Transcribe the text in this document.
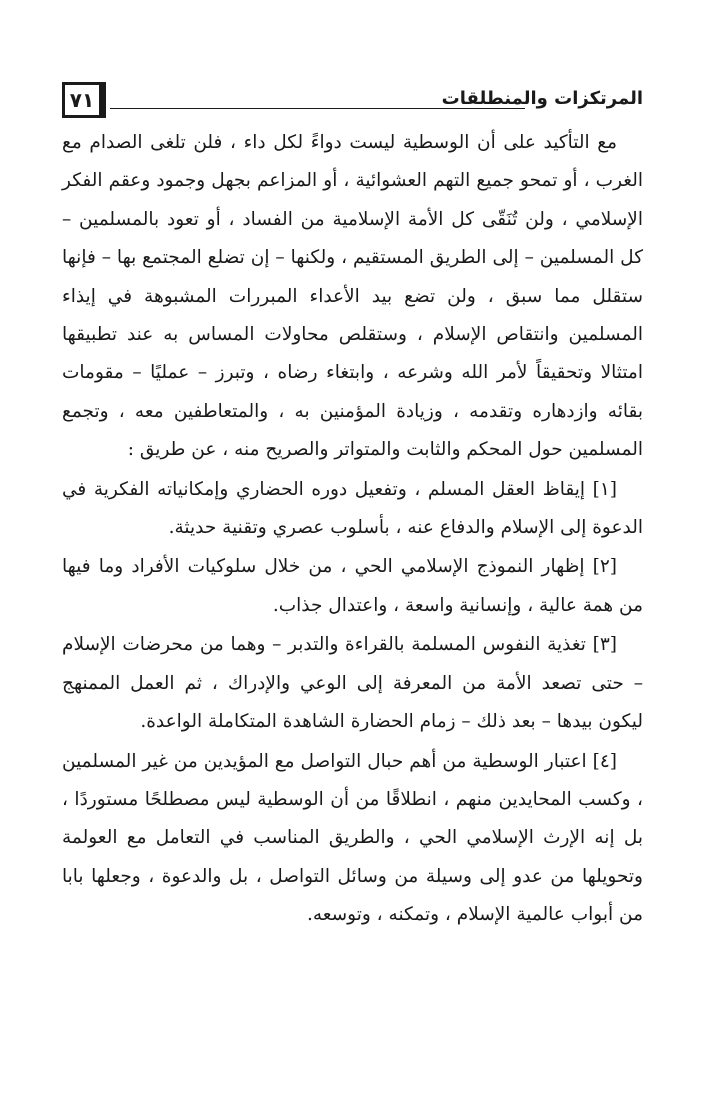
٧١	المرتكزات والمنطلقات

مع التأكيد على أن الوسطية ليست دواءً لكل داء ، فلن تلغى الصدام مع الغرب ، أو تمحو جميع التهم العشوائية ، أو المزاعم بجهل وجمود وعقم الفكر الإسلامي ، ولن تُنَقّى كل الأمة الإسلامية من الفساد ، أو تعود بالمسلمين – كل المسلمين – إلى الطريق المستقيم ، ولكنها – إن تضلع المجتمع بها – فإنها ستقلل مما سبق ، ولن تضع بيد الأعداء المبررات المشبوهة في إيذاء المسلمين وانتقاص الإسلام ، وستقلص محاولات المساس به عند تطبيقها امتثالا وتحقيقاً لأمر الله وشرعه ، وابتغاء رضاه ، وتبرز – عمليًا – مقومات بقائه وازدهاره وتقدمه ، وزيادة المؤمنين به ، والمتعاطفين معه ، وتجمع المسلمين حول المحكم والثابت والمتواتر والصريح منه ، عن طريق :

[١] إيقاظ العقل المسلم ، وتفعيل دوره الحضاري وإمكانياته الفكرية في الدعوة إلى الإسلام والدفاع عنه ، بأسلوب عصري وتقنية حديثة.

[٢] إظهار النموذج الإسلامي الحي ، من خلال سلوكيات الأفراد وما فيها من همة عالية ، وإنسانية واسعة ، واعتدال جذاب.

[٣] تغذية النفوس المسلمة بالقراءة والتدبر – وهما من محرضات الإسلام – حتى تصعد الأمة من المعرفة إلى الوعي والإدراك ، ثم العمل الممنهج ليكون بيدها – بعد ذلك – زمام الحضارة الشاهدة المتكاملة الواعدة.

[٤] اعتبار الوسطية من أهم حبال التواصل مع المؤيدين من غير المسلمين ، وكسب المحايدين منهم ، انطلاقًا من أن الوسطية ليس مصطلحًا مستوردًا ، بل إنه الإرث الإسلامي الحي ، والطريق المناسب في التعامل مع العولمة وتحويلها من عدو إلى وسيلة من وسائل التواصل ، بل والدعوة ، وجعلها بابا من أبواب عالمية الإسلام ، وتمكنه ، وتوسعه.
